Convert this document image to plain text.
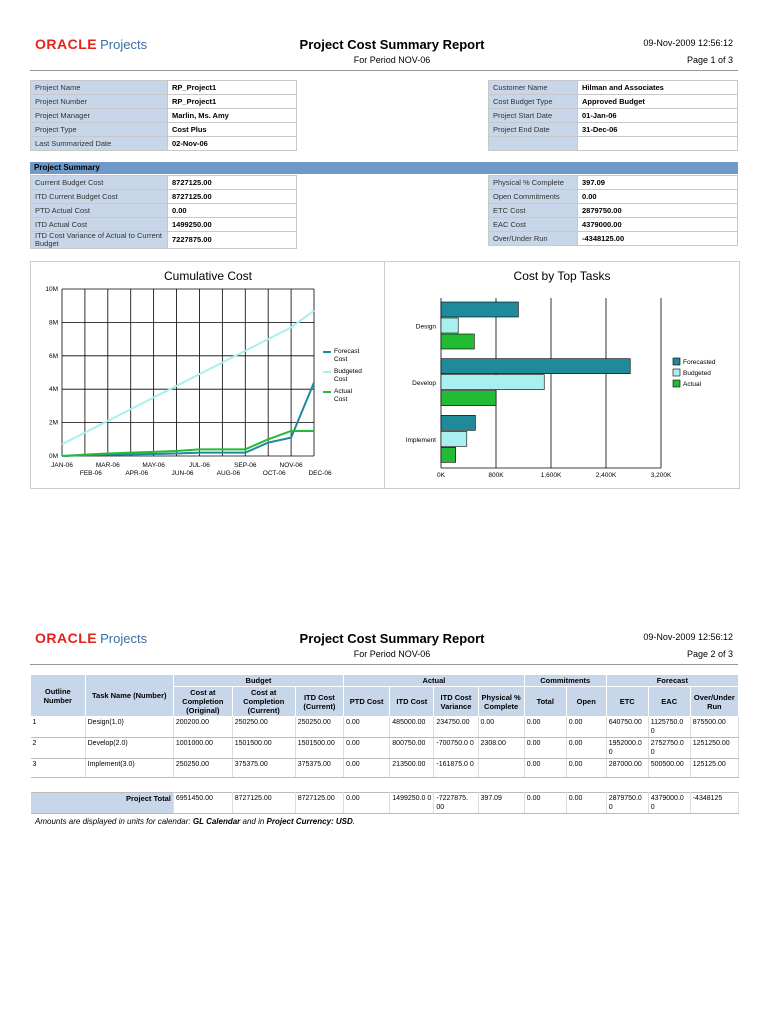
ORACLE Projects	Project Cost Summary Report
For Period NOV-06
09-Nov-2009 12:56:12
Page 1 of 3
Project Name	RP_Project1
Project Number	RP_Project1
Project Manager	Marlin, Ms. Amy
Project Type	Cost Plus
Last Summarized Date	02-Nov-06
Customer Name	Hilman and Associates
Cost Budget Type	Approved Budget
Project Start Date	01-Jan-06
Project End Date	31-Dec-06

Project Summary
Current Budget Cost	8727125.00
ITD Current Budget Cost	8727125.00
PTD Actual Cost	0.00
ITD Actual Cost	1499250.00
ITD Cost Variance of Actual to Current Budget	7227875.00
Physical % Complete	397.09
Open Commitments	0.00
ETC Cost	2879750.00
EAC Cost	4379000.00
Over/Under Run	-4348125.00
Cumulative Cost
0M
2M
4M
6M
8M
10M
JAN-06
FEB-06
MAR-06
APR-06
MAY-06
JUN-06
JUL-06
AUG-06
SEP-06
OCT-06
NOV-06
DEC-06
Forecast
Cost
Budgeted
Cost
Actual
Cost
Cost by Top Tasks
0K	800K	1,600K	2,400K	3,200K
Design
Develop
Implement
Forecasted
Budgeted
Actual
ORACLE Projects	Project Cost Summary Report
For Period NOV-06
09-Nov-2009 12:56:12
Page 2 of 3
Outline Number	Task Name (Number)	Budget			Actual				Commitments		Forecast		
		Cost at Completion (Original)	Cost at Completion (Current)	ITD Cost (Current)	PTD Cost	ITD Cost	ITD Cost Variance	Physical % Complete	Total	Open	ETC	EAC	Over/Under Run
1	Design(1.0)	200200.00	250250.00	250250.00	0.00	485000.00	234750.00	0.00	0.00	0.00	640750.00	1125750.0 0	875500.00
2	Develop(2.0)	1001000.00	1501500.00	1501500.00	0.00	800750.00	-700750.0 0	2308.00	0.00	0.00	1952000.0 0	2752750.0 0	1251250.00
3	Implement(3.0)	250250.00	375375.00	375375.00	0.00	213500.00	-161875.0 0		0.00	0.00	287000.00	500500.00	125125.00

Project Total		6951450.00	8727125.00	8727125.00	0.00	1499250.0 0	-7227875. 00	397.09	0.00	0.00	2879750.0 0	4379000.0 0	-4348125
Amounts are displayed in units for calendar: GL Calendar and in Project Currency: USD.
